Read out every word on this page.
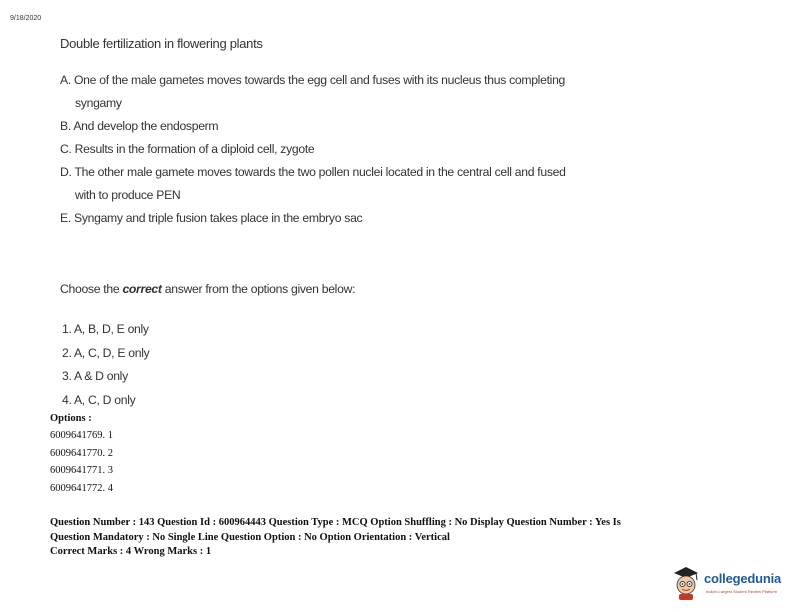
9/18/2020
Double fertilization in flowering plants
A. One of the male gametes moves towards the egg cell and fuses with its nucleus thus completing
syngamy
B. And develop the endosperm
C. Results in the formation of a diploid cell, zygote
D. The other male gamete moves towards the two pollen nuclei located in the central cell and fused
with to produce PEN
E. Syngamy and triple fusion takes place in the embryo sac
Choose the correct answer from the options given below:
1. A, B, D, E only
2. A, C, D, E only
3. A & D only
4. A, C, D only
Options :
6009641769. 1
6009641770. 2
6009641771. 3
6009641772. 4
Question Number : 143 Question Id : 600964443 Question Type : MCQ Option Shuffling : No Display Question Number : Yes Is
Question Mandatory : No Single Line Question Option : No Option Orientation : Vertical
Correct Marks : 4 Wrong Marks : 1
collegedunia
India's Largest Student Review Platform
